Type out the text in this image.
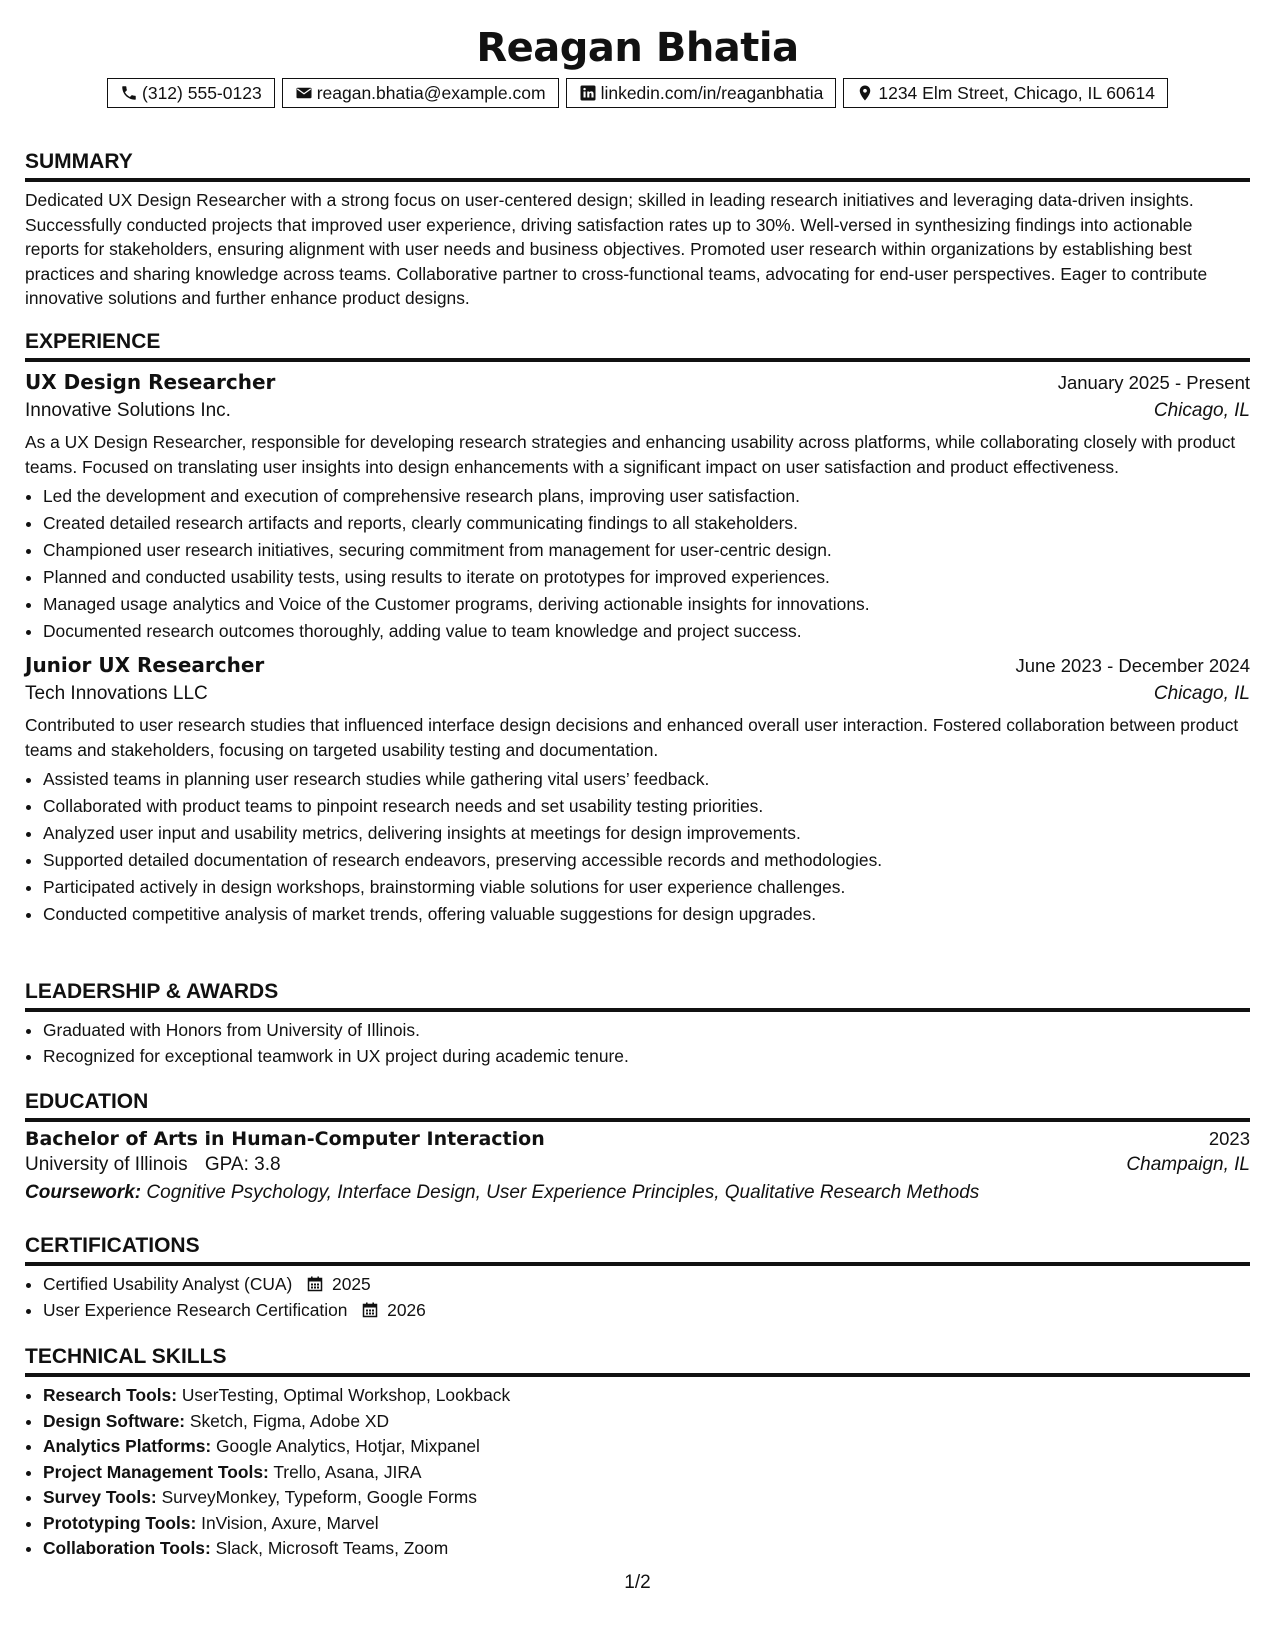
Reagan Bhatia
(312) 555-0123	reagan.bhatia@example.com	linkedin.com/in/reaganbhatia	1234 Elm Street, Chicago, IL 60614
SUMMARY
Dedicated UX Design Researcher with a strong focus on user-centered design; skilled in leading research initiatives and leveraging data-driven insights. Successfully conducted projects that improved user experience, driving satisfaction rates up to 30%. Well-versed in synthesizing findings into actionable reports for stakeholders, ensuring alignment with user needs and business objectives. Promoted user research within organizations by establishing best practices and sharing knowledge across teams. Collaborative partner to cross-functional teams, advocating for end-user perspectives. Eager to contribute innovative solutions and further enhance product designs.
EXPERIENCE
UX Design Researcher	January 2025 - Present
Innovative Solutions Inc.	Chicago, IL
As a UX Design Researcher, responsible for developing research strategies and enhancing usability across platforms, while collaborating closely with product teams. Focused on translating user insights into design enhancements with a significant impact on user satisfaction and product effectiveness.
• Led the development and execution of comprehensive research plans, improving user satisfaction.
• Created detailed research artifacts and reports, clearly communicating findings to all stakeholders.
• Championed user research initiatives, securing commitment from management for user-centric design.
• Planned and conducted usability tests, using results to iterate on prototypes for improved experiences.
• Managed usage analytics and Voice of the Customer programs, deriving actionable insights for innovations.
• Documented research outcomes thoroughly, adding value to team knowledge and project success.
Junior UX Researcher	June 2023 - December 2024
Tech Innovations LLC	Chicago, IL
Contributed to user research studies that influenced interface design decisions and enhanced overall user interaction. Fostered collaboration between product teams and stakeholders, focusing on targeted usability testing and documentation.
• Assisted teams in planning user research studies while gathering vital users’ feedback.
• Collaborated with product teams to pinpoint research needs and set usability testing priorities.
• Analyzed user input and usability metrics, delivering insights at meetings for design improvements.
• Supported detailed documentation of research endeavors, preserving accessible records and methodologies.
• Participated actively in design workshops, brainstorming viable solutions for user experience challenges.
• Conducted competitive analysis of market trends, offering valuable suggestions for design upgrades.
LEADERSHIP & AWARDS
• Graduated with Honors from University of Illinois.
• Recognized for exceptional teamwork in UX project during academic tenure.
EDUCATION
Bachelor of Arts in Human-Computer Interaction	2023
University of Illinois GPA: 3.8	Champaign, IL
Coursework: Cognitive Psychology, Interface Design, User Experience Principles, Qualitative Research Methods
CERTIFICATIONS
• Certified Usability Analyst (CUA) 2025
• User Experience Research Certification 2026
TECHNICAL SKILLS
• Research Tools: UserTesting, Optimal Workshop, Lookback
• Design Software: Sketch, Figma, Adobe XD
• Analytics Platforms: Google Analytics, Hotjar, Mixpanel
• Project Management Tools: Trello, Asana, JIRA
• Survey Tools: SurveyMonkey, Typeform, Google Forms
• Prototyping Tools: InVision, Axure, Marvel
• Collaboration Tools: Slack, Microsoft Teams, Zoom
1/2
